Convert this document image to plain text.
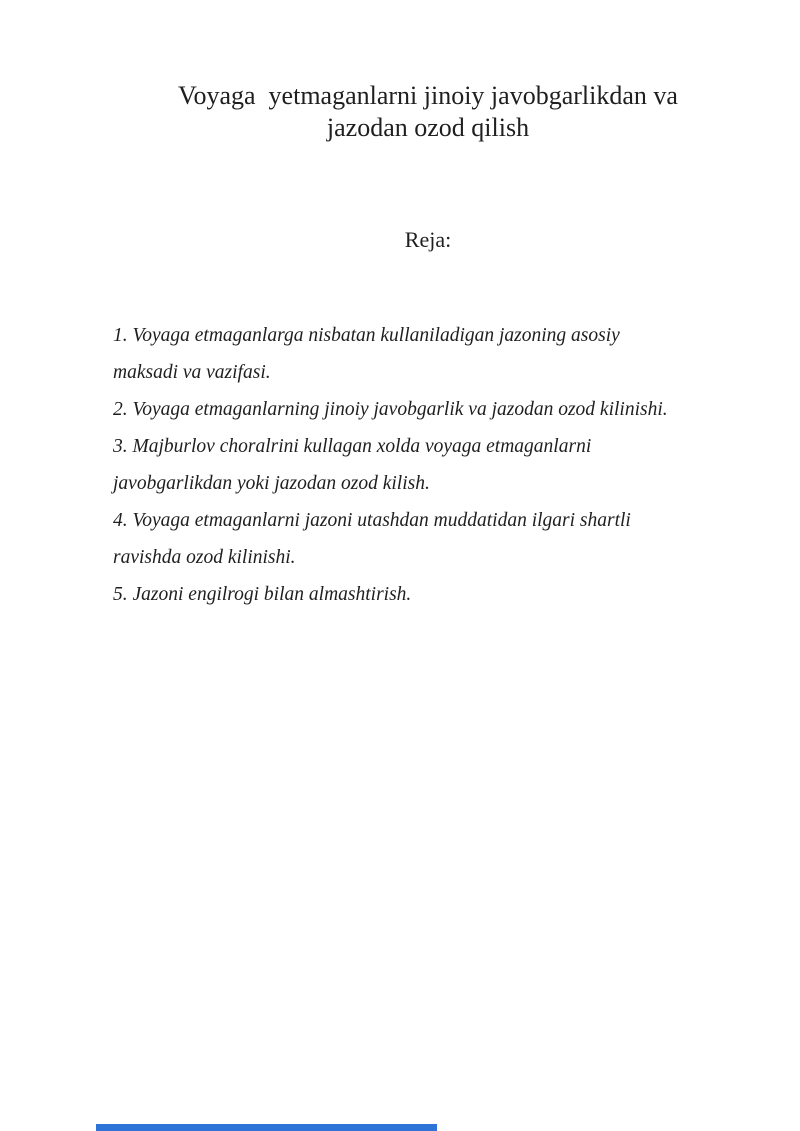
Voyaga  yetmaganlarni jinoiy javobgarlikdan va
jazodan ozod qilish
Reja:

1. Voyaga etmaganlarga nisbatan kullaniladigan jazoning asosiy
maksadi va vazifasi.

2. Voyaga etmaganlarning jinoiy javobgarlik va jazodan ozod kilinishi.

3. Majburlov choralrini kullagan xolda voyaga etmaganlarni
javobgarlikdan yoki jazodan ozod kilish.

4. Voyaga etmaganlarni jazoni utashdan muddatidan ilgari shartli
ravishda ozod kilinishi.

5. Jazoni engilrogi bilan almashtirish.
